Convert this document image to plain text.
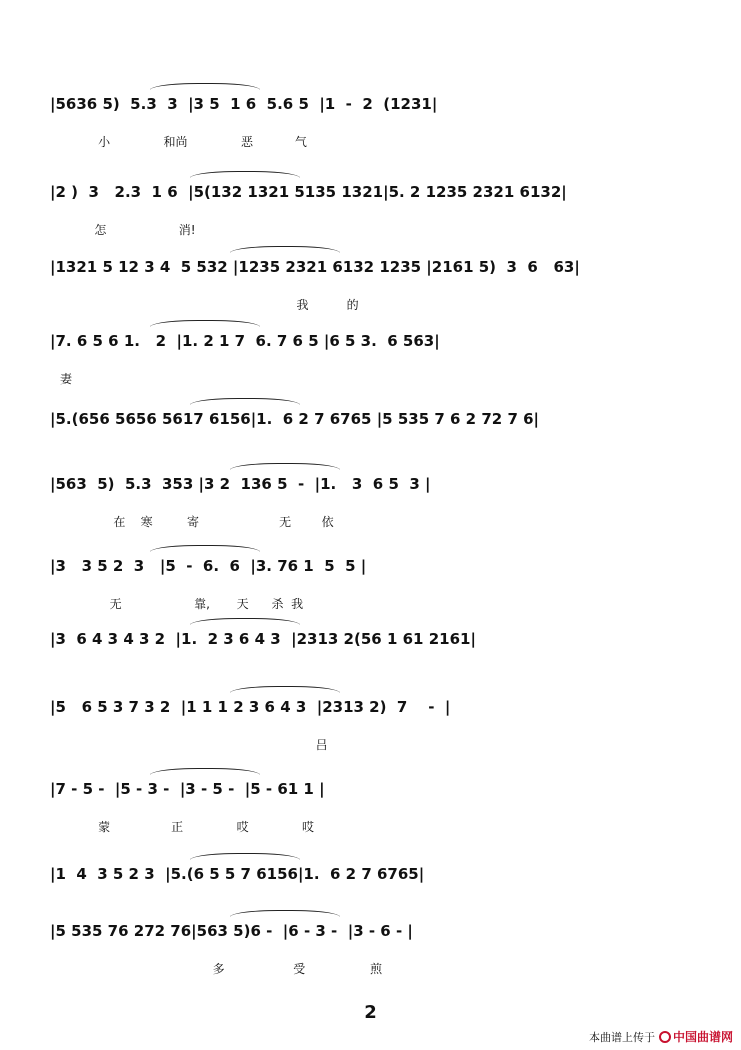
|5636 5)  5.3  3  |3 5  1 6  5.6 5  |1  -  2  (1231|
小              和尚              恶           气
|2 )  3   2.3  1 6  |5(132 1321 5135 1321|5. 2 1235 2321 6132|
怎                   消!
|1321 5 12 3 4  5 532 |1235 2321 6132 1235 |2161 5)  3  6   63|
我          的
|7. 6 5 6 1.   2  |1. 2 1 7  6. 7 6 5 |6 5 3.  6 563|
妻
|5.(656 5656 5617 6156|1.  6 2 7 6765 |5 535 7 6 2 72 7 6|
|563  5)  5.3  353 |3 2  136 5  -  |1.   3  6 5  3 |
在    寒         寄                     无        依
|3   3 5 2  3   |5  -  6.  6  |3. 76 1  5  5 |
无                   靠,       天      杀  我
|3  6 4 3 4 3 2  |1.  2 3 6 4 3  |2313 2(56 1 61 2161|
|5   6 5 3 7 3 2  |1 1 1 2 3 6 4 3  |2313 2)  7    -  |
吕
|7 - 5 -  |5 - 3 -  |3 - 5 -  |5 - 61 1 |
蒙                正              哎              哎
|1  4  3 5 2 3  |5.(6 5 5 7 6156|1.  6 2 7 6765|
|5 535 76 272 76|563 5)6 -  |6 - 3 -  |3 - 6 - |
多                  受                 煎
2
本曲谱上传于 中国曲谱网
